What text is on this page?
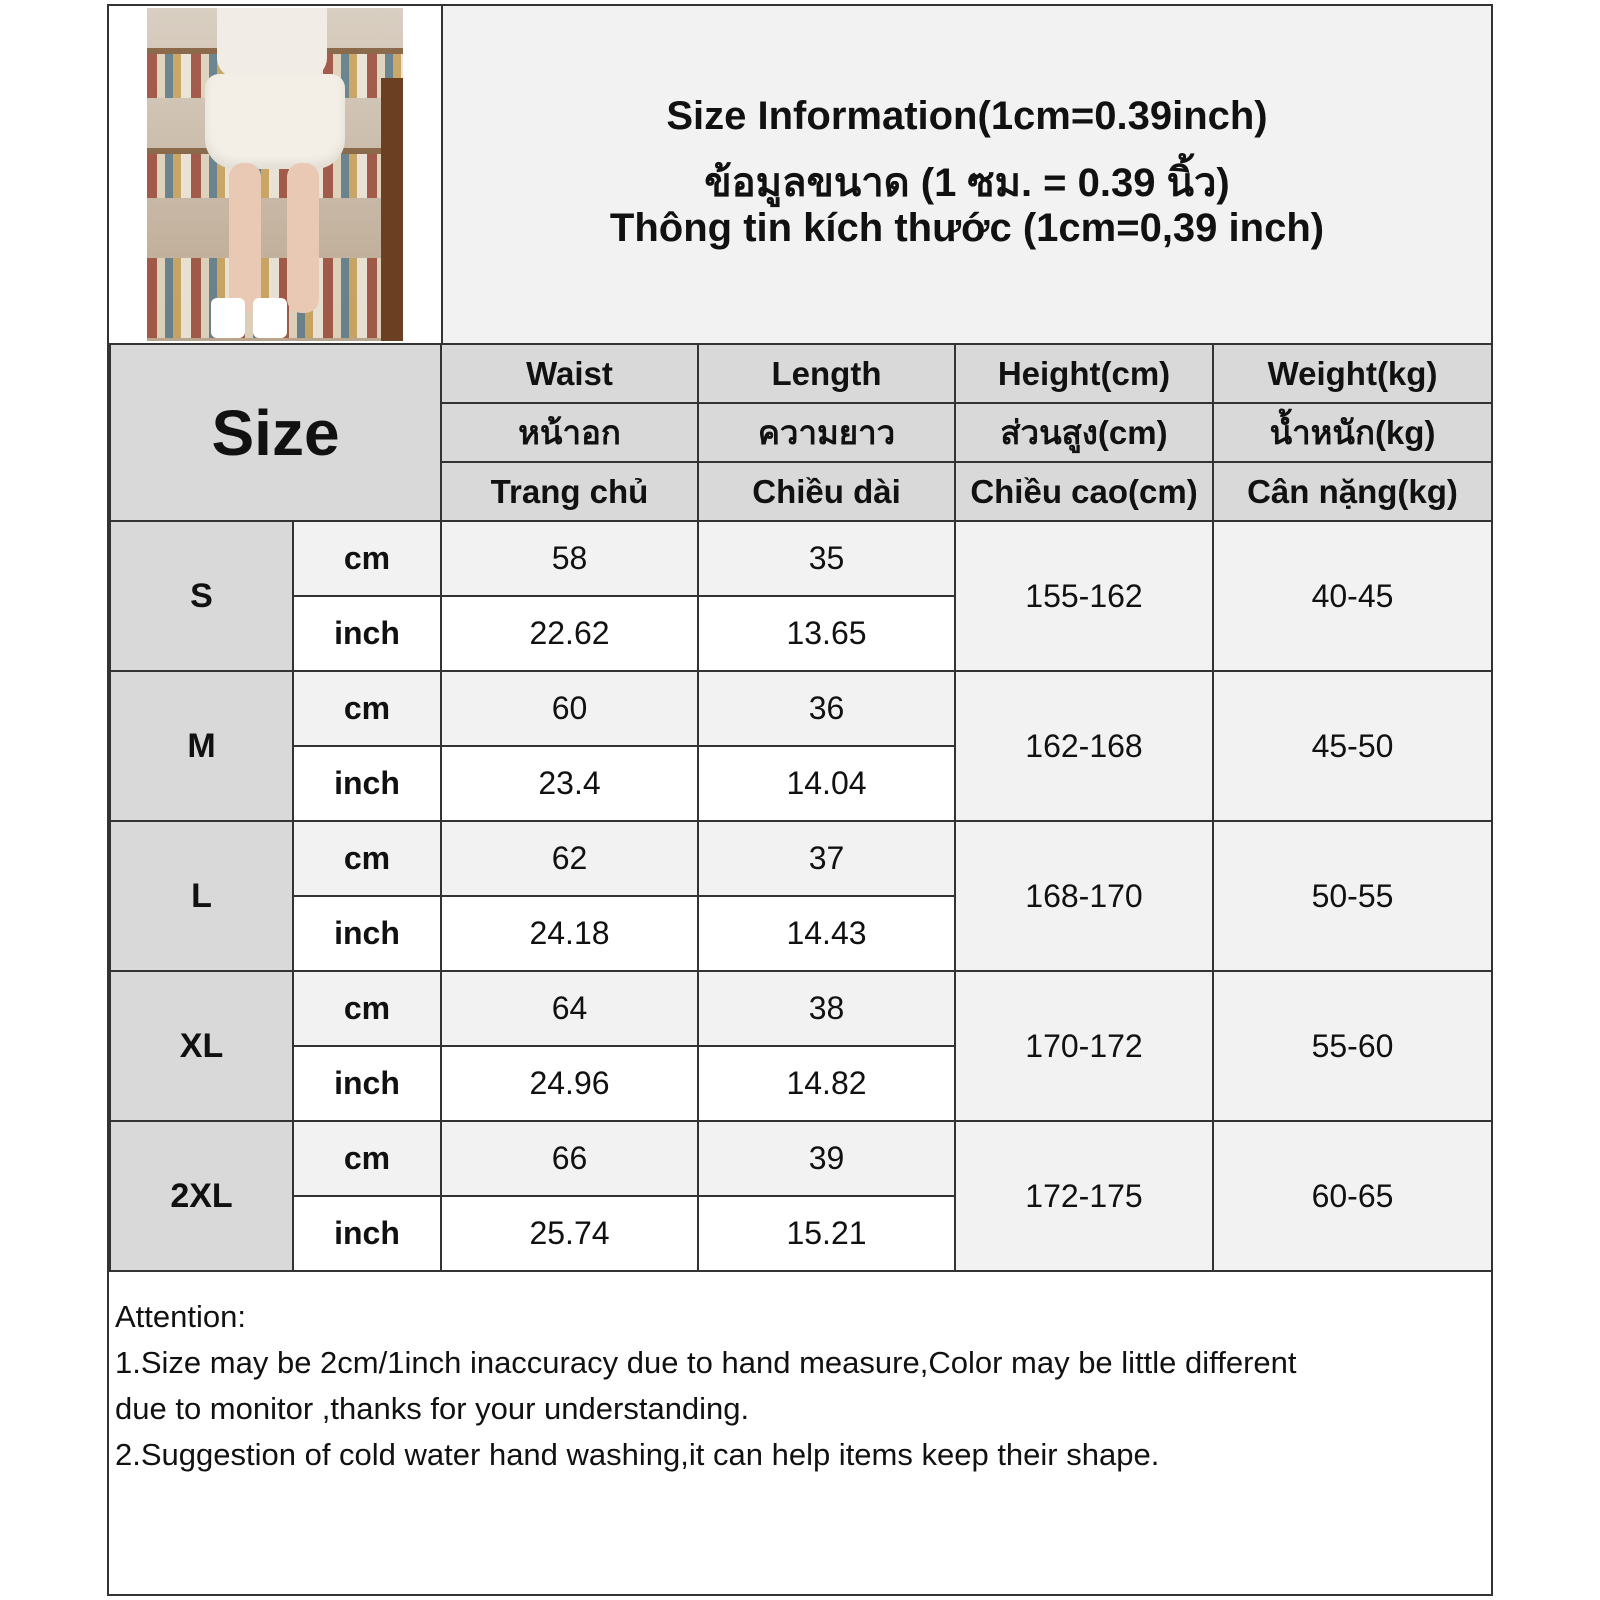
Size Information(1cm=0.39inch)
ข้อมูลขนาด (1 ซม. = 0.39 นิ้ว)
Thông tin kích thước (1cm=0,39 inch)
Size		Waist	Length	Height(cm)	Weight(kg)
		หน้าอก	ความยาว	ส่วนสูง(cm)	น้ำหนัก(kg)
		Trang chủ	Chiều dài	Chiều cao(cm)	Cân nặng(kg)
S	cm	58	35	155-162	40-45
	inch	22.62	13.65		
M	cm	60	36	162-168	45-50
	inch	23.4	14.04		
L	cm	62	37	168-170	50-55
	inch	24.18	14.43		
XL	cm	64	38	170-172	55-60
	inch	24.96	14.82		
2XL	cm	66	39	172-175	60-65
	inch	25.74	15.21		
Attention:
1.Size may be 2cm/1inch inaccuracy due to hand measure,Color may be little different
due to monitor ,thanks for your understanding.
2.Suggestion of cold water hand washing,it can help items keep their shape.
